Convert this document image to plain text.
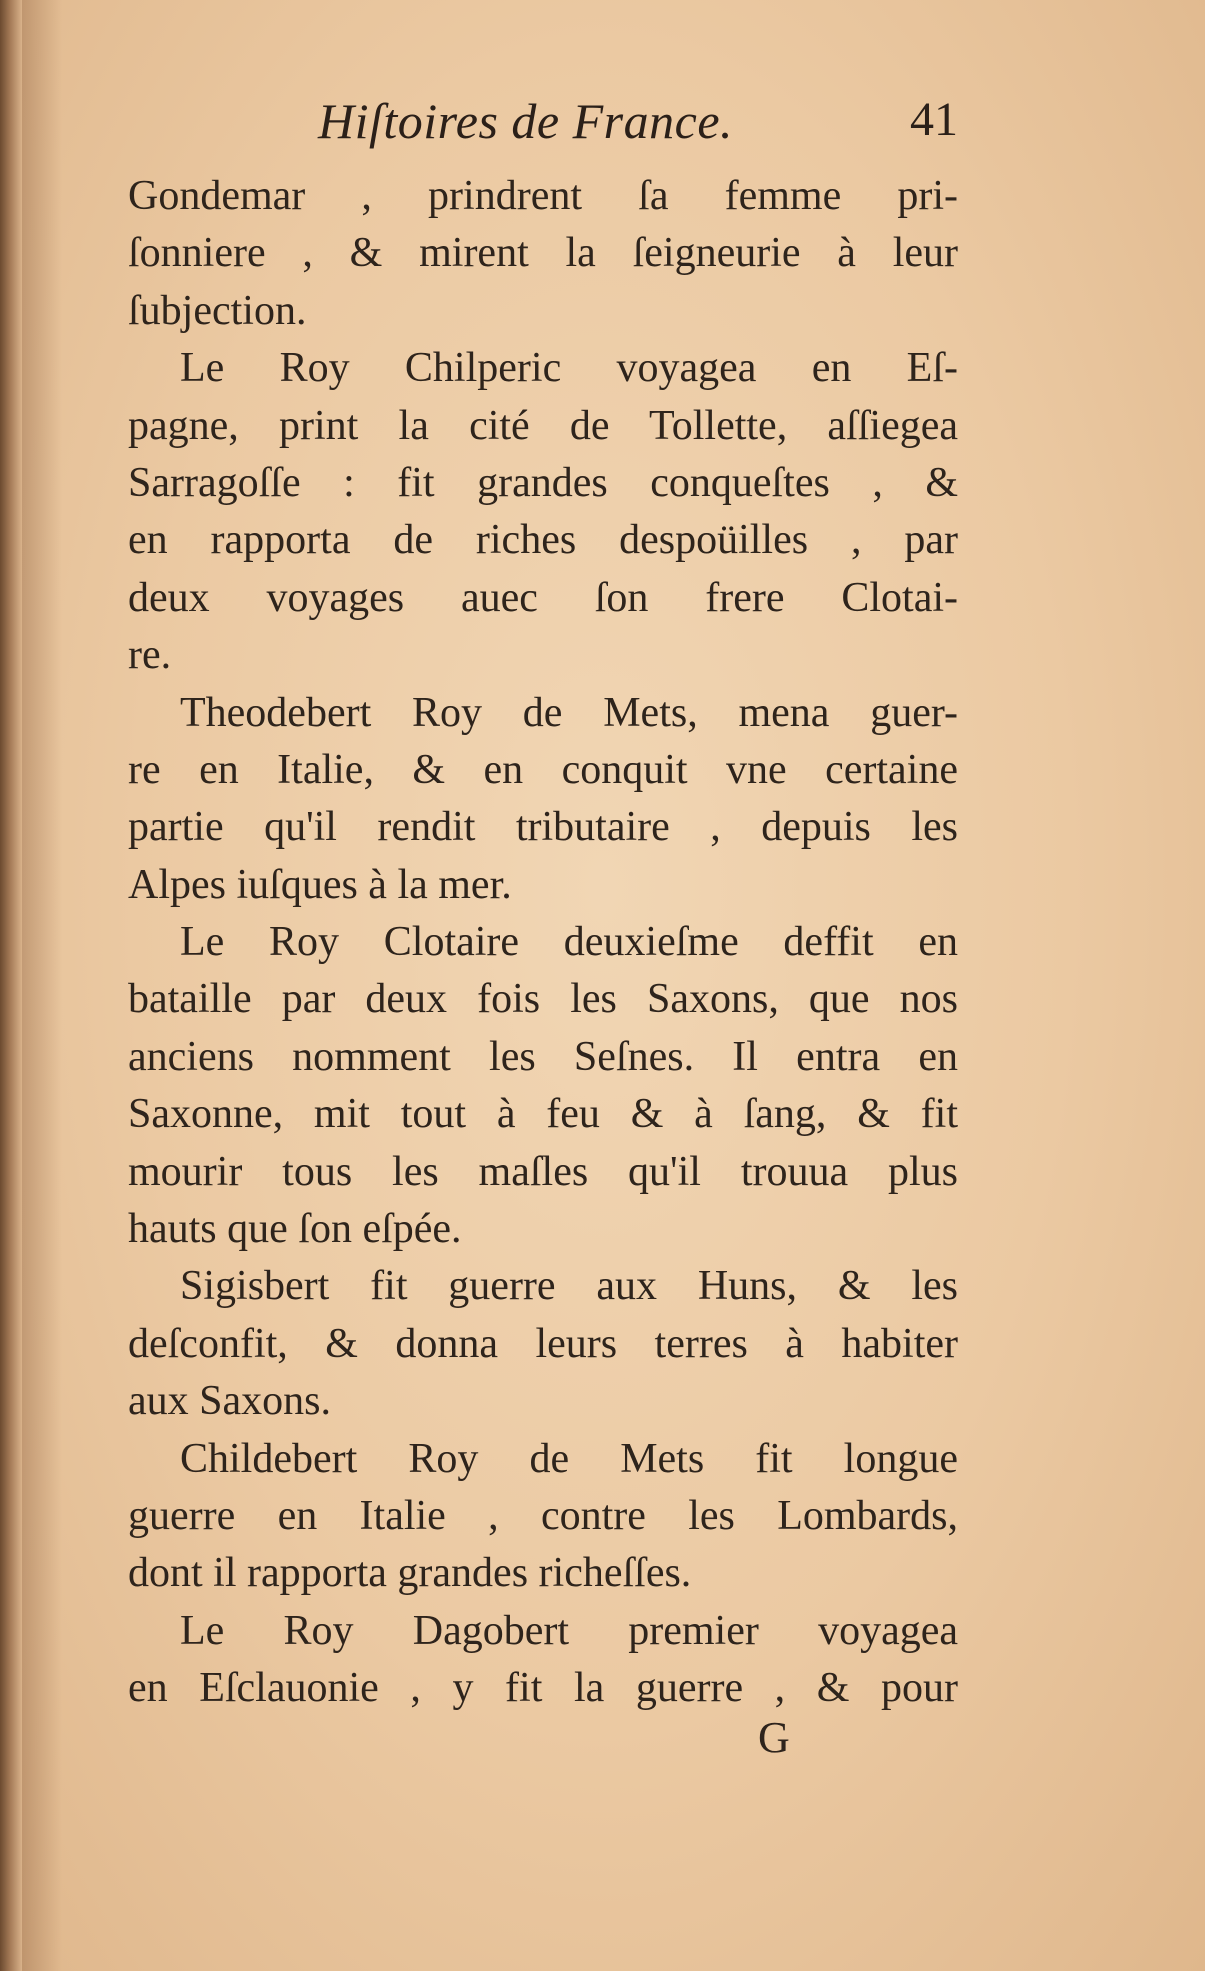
Hiſtoires de France.	41
Gondemar , prindrent ſa femme pri-
ſonniere , & mirent la ſeigneurie à leur
ſubjection.
Le Roy Chilperic voyagea en Eſ-
pagne, print la cité de Tollette, aſſiegea
Sarragoſſe : fit grandes conqueſtes , &
en rapporta de riches despoüilles , par
deux voyages auec ſon frere Clotai-
re.
Theodebert Roy de Mets, mena guer-
re en Italie, & en conquit vne certaine
partie qu'il rendit tributaire , depuis les
Alpes iuſques à la mer.
Le Roy Clotaire deuxieſme deffit en
bataille par deux fois les Saxons, que nos
anciens nomment les Seſnes. Il entra en
Saxonne, mit tout à feu & à ſang, & fit
mourir tous les maſles qu'il trouua plus
hauts que ſon eſpée.
Sigisbert fit guerre aux Huns, & les
deſconfit, & donna leurs terres à habiter
aux Saxons.
Childebert Roy de Mets fit longue
guerre en Italie , contre les Lombards,
dont il rapporta grandes richeſſes.
Le Roy Dagobert premier voyagea
en Eſclauonie , y fit la guerre , & pour
G
